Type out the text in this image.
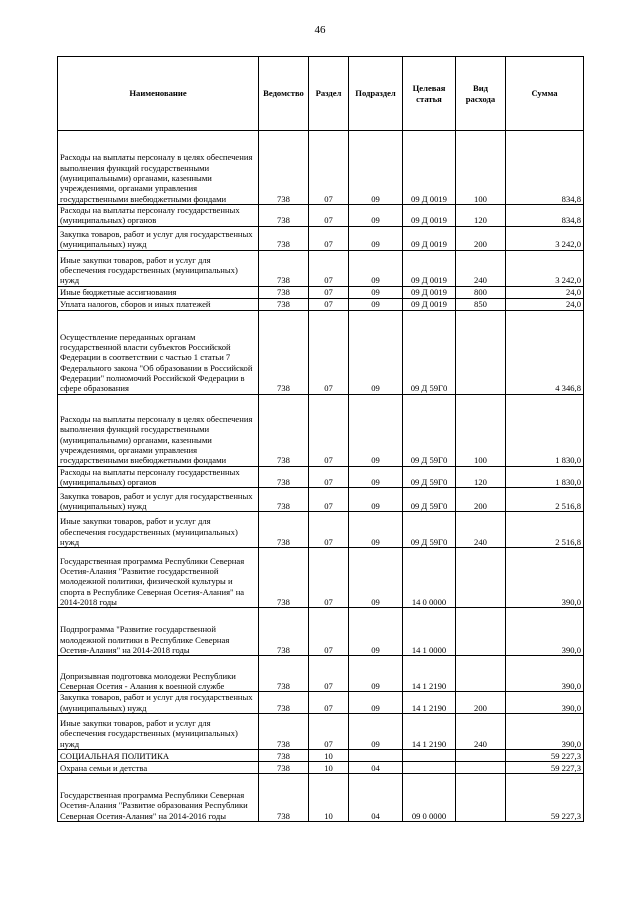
46
Наименование	Ведомство	Раздел	Подраздел	Целевая статья	Вид расхода	Сумма
Расходы на выплаты персоналу в целях обеспечения выполнения функций государственными (муниципальными) органами, казенными учреждениями, органами управления государственными внебюджетными фондами	738	07	09	09 Д 0019	100	834,8
Расходы на выплаты персоналу государственных (муниципальных) органов	738	07	09	09 Д 0019	120	834,8
Закупка товаров, работ и услуг для государственных (муниципальных) нужд	738	07	09	09 Д 0019	200	3 242,0
Иные закупки товаров, работ и услуг для обеспечения государственных (муниципальных) нужд	738	07	09	09 Д 0019	240	3 242,0
Иные бюджетные ассигнования	738	07	09	09 Д 0019	800	24,0
Уплата налогов, сборов и иных платежей	738	07	09	09 Д 0019	850	24,0
Осуществление переданных органам государственной власти субъектов Российской Федерации в соответствии с частью 1 статьи 7 Федерального закона "Об образовании в Российской Федерации" полномочий Российской Федерации в сфере образования	738	07	09	09 Д 59Г0		4 346,8
Расходы на выплаты персоналу в целях обеспечения выполнения функций государственными (муниципальными) органами, казенными учреждениями, органами управления государственными внебюджетными фондами	738	07	09	09 Д 59Г0	100	1 830,0
Расходы на выплаты персоналу государственных (муниципальных) органов	738	07	09	09 Д 59Г0	120	1 830,0
Закупка товаров, работ и услуг для государственных (муниципальных) нужд	738	07	09	09 Д 59Г0	200	2 516,8
Иные закупки товаров, работ и услуг для обеспечения государственных (муниципальных) нужд	738	07	09	09 Д 59Г0	240	2 516,8
Государственная программа Республики Северная Осетия-Алания "Развитие государственной молодежной политики, физической культуры и спорта в Республике Северная Осетия-Алания" на 2014-2018 годы	738	07	09	14 0 0000		390,0
Подпрограмма "Развитие государственной молодежной политики в Республике Северная Осетия-Алания" на 2014-2018 годы	738	07	09	14 1 0000		390,0
Допризывная подготовка молодежи Республики Северная Осетия - Алания к военной службе	738	07	09	14 1 2190		390,0
Закупка товаров, работ и услуг для государственных (муниципальных) нужд	738	07	09	14 1 2190	200	390,0
Иные закупки товаров, работ и услуг для обеспечения государственных (муниципальных) нужд	738	07	09	14 1 2190	240	390,0
СОЦИАЛЬНАЯ ПОЛИТИКА	738	10				59 227,3
Охрана семьи и детства	738	10	04			59 227,3
Государственная программа Республики Северная Осетия-Алания "Развитие образования Республики Северная Осетия-Алания" на 2014-2016 годы	738	10	04	09 0 0000		59 227,3
